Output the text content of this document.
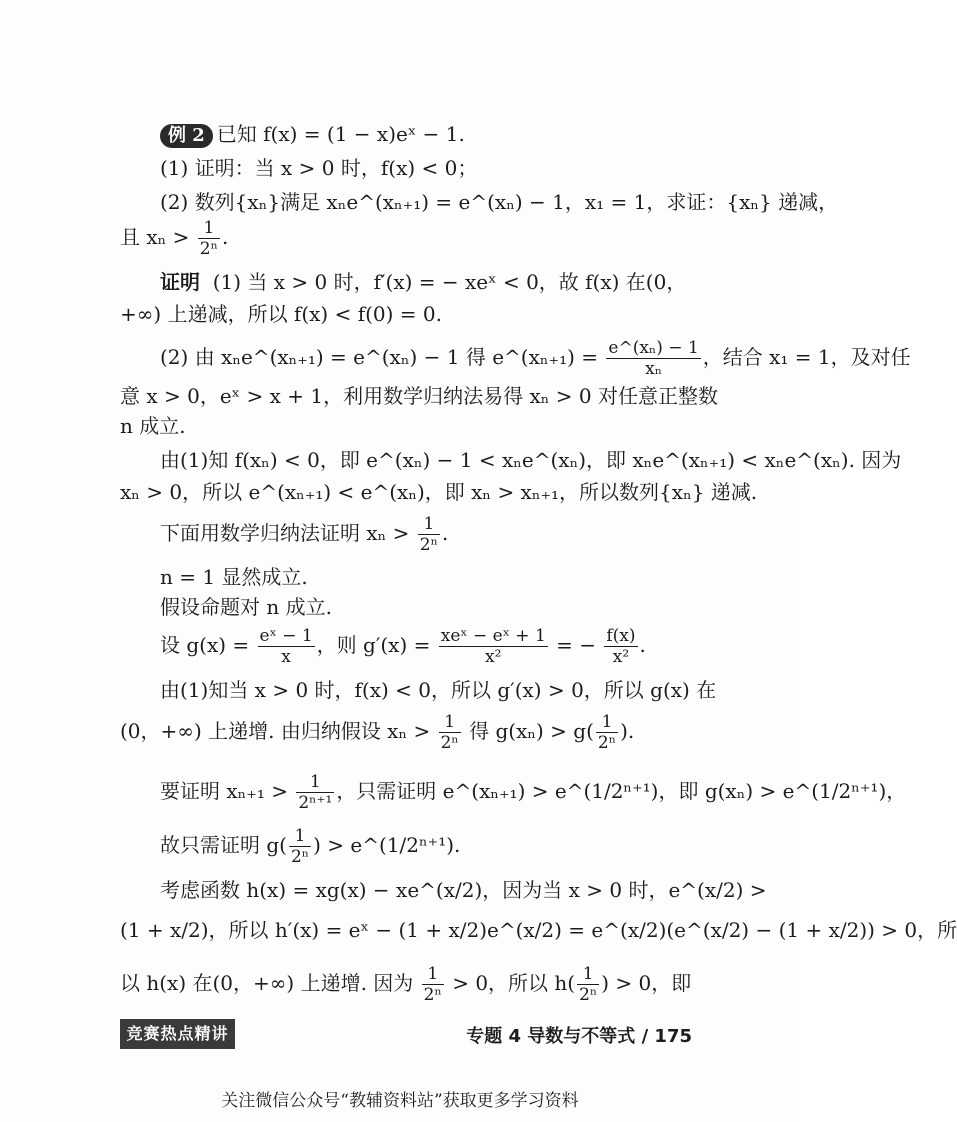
例 2 已知 f(x) = (1 − x)eˣ − 1.
(1) 证明：当 x > 0 时，f(x) < 0；
(2) 数列{xₙ}满足 xₙe^(xₙ₊₁) = e^(xₙ) − 1，x₁ = 1，求证：{xₙ} 递减，
且 $x_n > \frac{1}{\text{2ⁿ}}$ .
证明 (1) 当 x > 0 时，f′(x) = − xeˣ < 0，故 f(x) 在(0，
+∞) 上递减，所以 f(x) < f(0) = 0.
(2) 由 xₙe^(xₙ₊₁) = e^(xₙ) − 1 得 e^(xₙ₊₁) = $\frac{\text{e\textasciicircum{}(xₙ) − 1}}{\text{xₙ}}$ ，结合 x₁ = 1，及对任
意 x > 0，eˣ > x + 1，利用数学归纳法易得 xₙ > 0 对任意正整数
n 成立.
由(1)知 f(xₙ) < 0，即 e^(xₙ) − 1 < xₙe^(xₙ)，即 xₙe^(xₙ₊₁) < xₙe^(xₙ). 因为
xₙ > 0，所以 e^(xₙ₊₁) < e^(xₙ)，即 xₙ > xₙ₊₁，所以数列{xₙ} 递减.
下面用数学归纳法证明 $x_n > \frac{1}{\text{2ⁿ}}$ .
n = 1 显然成立.
假设命题对 n 成立.
设 $g(x) = \frac{\text{eˣ − 1}}{x}$ ，则 $g'(x) = \frac{\text{xeˣ − eˣ + 1}}{\text{x²}}$ = − $\frac{f(x)}{\text{x²}}$ .
由(1)知当 x > 0 时，f(x) < 0，所以 g′(x) > 0，所以 g(x) 在
(0，+∞) 上递增. 由归纳假设 $x_n > \frac{1}{\text{2ⁿ}}$ 得 $g(x_n) > g( \frac{1}{\text{2ⁿ}}$ ).
要证明 $x_{n+1} > \frac{1}{\text{2ⁿ⁺¹}}$ ，只需证明 e^(xₙ₊₁) > e^(1/2ⁿ⁺¹)，即 g(xₙ) > e^(1/2ⁿ⁺¹)，
故只需证明 $g( \frac{1}{\text{2ⁿ}}$ ) > e^(1/2ⁿ⁺¹).
考虑函数 h(x) = xg(x) − xe^(x/2)，因为当 x > 0 时，e^(x/2) >
(1 + x/2)，所以 h′(x) = eˣ − (1 + x/2)e^(x/2) = e^(x/2)(e^(x/2) − (1 + x/2)) > 0，所
以 h(x) 在(0，+∞) 上递增. 因为 $\frac{1}{\text{2ⁿ}} > 0$，所以 $h( \frac{1}{\text{2ⁿ}}$ ) > 0，即
竞赛热点精讲	专题 4 导数与不等式 / 175
关注微信公众号“教辅资料站”获取更多学习资料
